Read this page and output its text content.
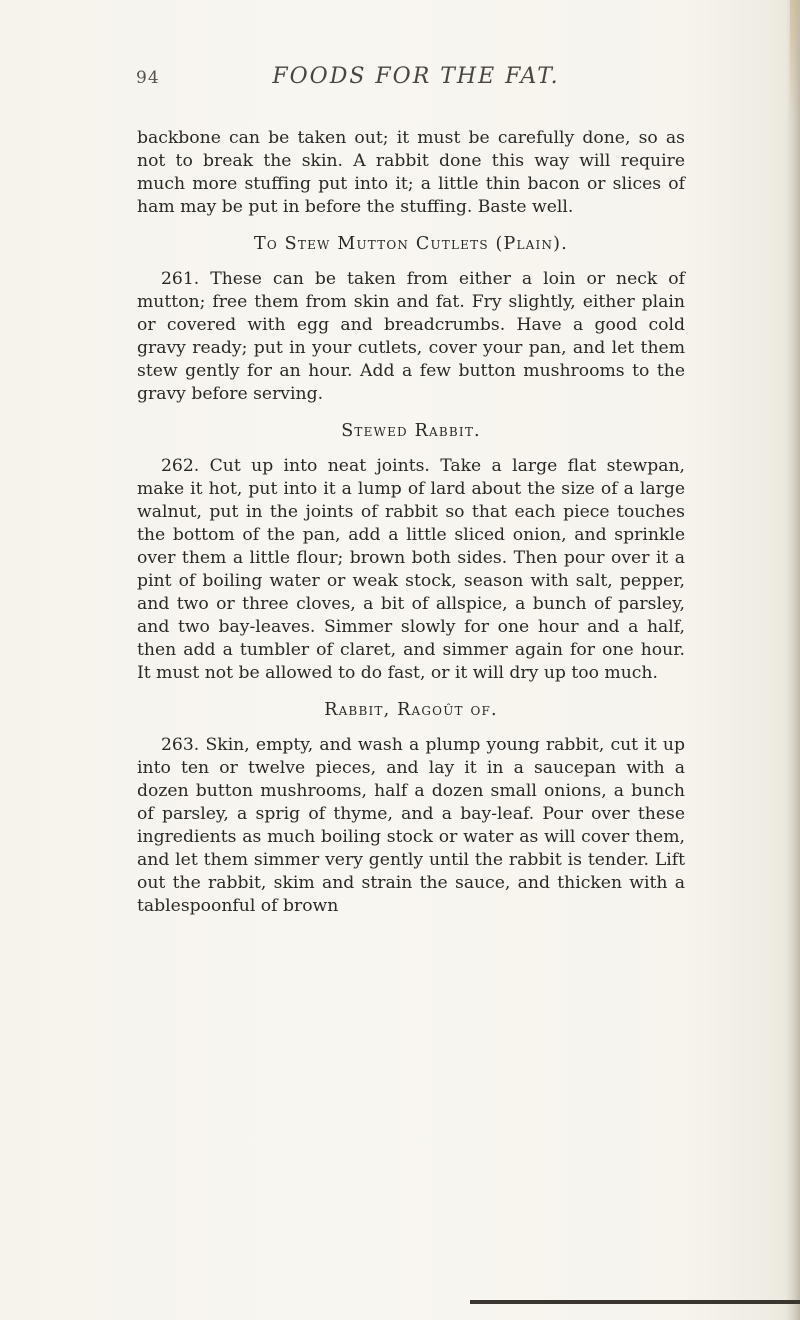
94	FOODS FOR THE FAT.

backbone can be taken out; it must be carefully done, so as not to break the skin. A rabbit done this way will require much more stuffing put into it; a little thin bacon or slices of ham may be put in before the stuffing. Baste well.

To Stew Mutton Cutlets (Plain).

261. These can be taken from either a loin or neck of mutton; free them from skin and fat. Fry slightly, either plain or covered with egg and breadcrumbs. Have a good cold gravy ready; put in your cutlets, cover your pan, and let them stew gently for an hour. Add a few button mushrooms to the gravy before serving.

Stewed Rabbit.

262. Cut up into neat joints. Take a large flat stewpan, make it hot, put into it a lump of lard about the size of a large walnut, put in the joints of rabbit so that each piece touches the bottom of the pan, add a little sliced onion, and sprinkle over them a little flour; brown both sides. Then pour over it a pint of boiling water or weak stock, season with salt, pepper, and two or three cloves, a bit of allspice, a bunch of parsley, and two bay-leaves. Simmer slowly for one hour and a half, then add a tumbler of claret, and simmer again for one hour. It must not be allowed to do fast, or it will dry up too much.

Rabbit, Ragoût of.

263. Skin, empty, and wash a plump young rabbit, cut it up into ten or twelve pieces, and lay it in a saucepan with a dozen button mushrooms, half a dozen small onions, a bunch of parsley, a sprig of thyme, and a bay-leaf. Pour over these ingredients as much boiling stock or water as will cover them, and let them simmer very gently until the rabbit is tender. Lift out the rabbit, skim and strain the sauce, and thicken with a tablespoonful of brown
